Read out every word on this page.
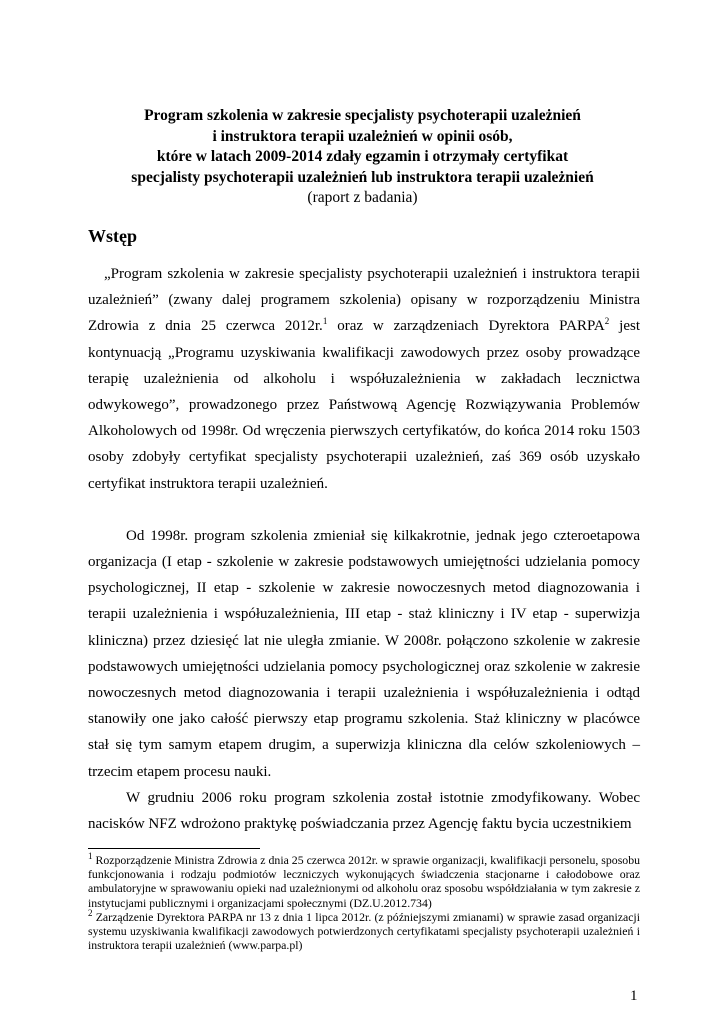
Program szkolenia w zakresie specjalisty psychoterapii uzależnień
i instruktora terapii uzależnień w opinii osób,
które w latach 2009-2014 zdały egzamin i otrzymały certyfikat
specjalisty psychoterapii uzależnień lub instruktora terapii uzależnień
(raport z badania)
Wstęp

„Program szkolenia w zakresie specjalisty psychoterapii uzależnień i instruktora terapii uzależnień” (zwany dalej programem szkolenia) opisany w rozporządzeniu Ministra Zdrowia z dnia 25 czerwca 2012r.$^1$ oraz w zarządzeniach Dyrektora PARPA$^2$ jest kontynuacją „Programu uzyskiwania kwalifikacji zawodowych przez osoby prowadzące terapię uzależnienia od alkoholu i współuzależnienia w zakładach lecznictwa odwykowego”, prowadzonego przez Państwową Agencję Rozwiązywania Problemów Alkoholowych od 1998r. Od wręczenia pierwszych certyfikatów, do końca 2014 roku 1503 osoby zdobyły certyfikat specjalisty psychoterapii uzależnień, zaś 369 osób uzyskało certyfikat instruktora terapii uzależnień.

Od 1998r. program szkolenia zmieniał się kilkakrotnie, jednak jego czteroetapowa organizacja (I etap - szkolenie w zakresie podstawowych umiejętności udzielania pomocy psychologicznej, II etap - szkolenie w zakresie nowoczesnych metod diagnozowania i terapii uzależnienia i współuzależnienia, III etap - staż kliniczny i IV etap - superwizja kliniczna) przez dziesięć lat nie uległa zmianie. W 2008r. połączono szkolenie w zakresie podstawowych umiejętności udzielania pomocy psychologicznej oraz szkolenie w zakresie nowoczesnych metod diagnozowania i terapii uzależnienia i współuzależnienia i odtąd stanowiły one jako całość pierwszy etap programu szkolenia. Staż kliniczny w placówce stał się tym samym etapem drugim, a superwizja kliniczna dla celów szkoleniowych – trzecim etapem procesu nauki.

W grudniu 2006 roku program szkolenia został istotnie zmodyfikowany. Wobec nacisków NFZ wdrożono praktykę poświadczania przez Agencję faktu bycia uczestnikiem

$^1$ Rozporządzenie Ministra Zdrowia z dnia 25 czerwca 2012r. w sprawie organizacji, kwalifikacji personelu, sposobu funkcjonowania i rodzaju podmiotów leczniczych wykonujących świadczenia stacjonarne i całodobowe oraz ambulatoryjne w sprawowaniu opieki nad uzależnionymi od alkoholu oraz sposobu współdziałania w tym zakresie z instytucjami publicznymi i organizacjami społecznymi (DZ.U.2012.734)

$^2$ Zarządzenie Dyrektora PARPA nr 13 z dnia 1 lipca 2012r. (z późniejszymi zmianami) w sprawie zasad organizacji systemu uzyskiwania kwalifikacji zawodowych potwierdzonych certyfikatami specjalisty psychoterapii uzależnień i instruktora terapii uzależnień (www.parpa.pl)

1
